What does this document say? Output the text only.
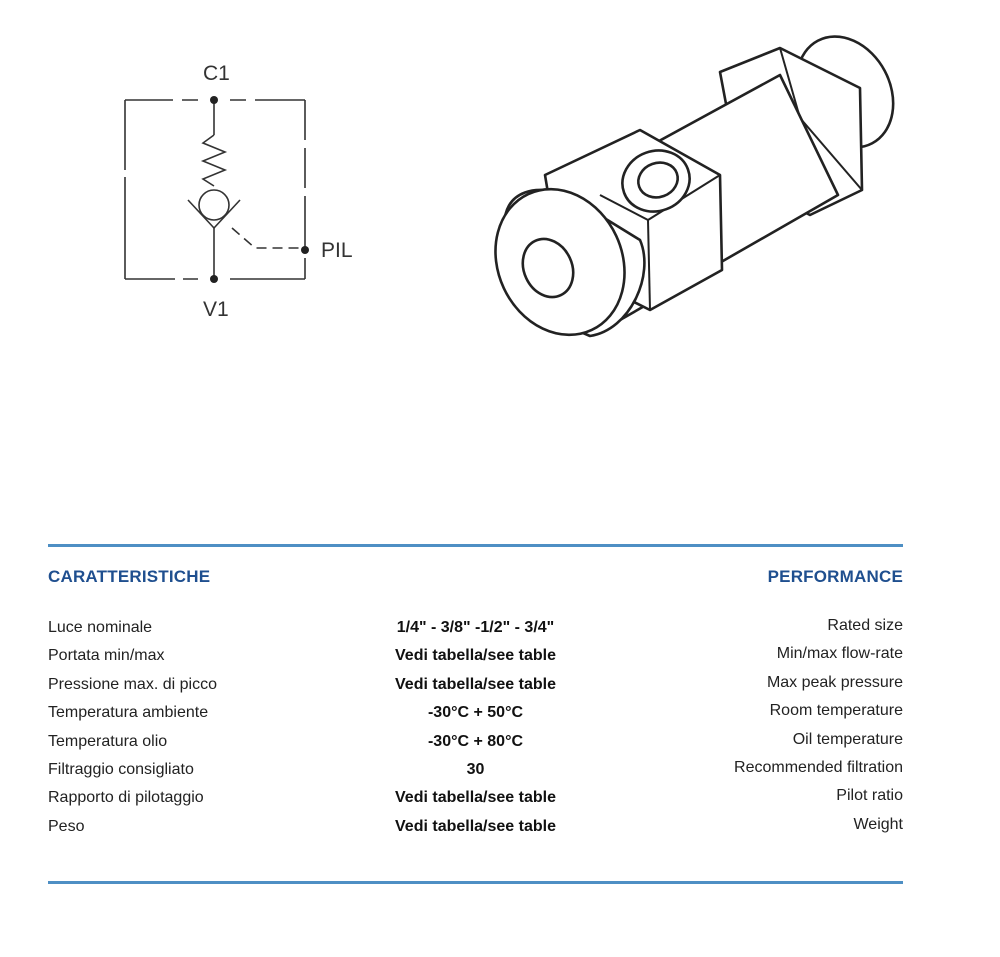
C1
V1
PIL
CARATTERISTICHE	PERFORMANCE
Luce nominale	1/4" - 3/8" -1/2" - 3/4"	Rated size
Portata min/max	Vedi tabella/see table	Min/max flow-rate
Pressione max. di picco	Vedi tabella/see table	Max peak pressure
Temperatura ambiente	-30°C + 50°C	Room temperature
Temperatura olio	-30°C + 80°C	Oil temperature
Filtraggio consigliato	30	Recommended filtration
Rapporto di pilotaggio	Vedi tabella/see table	Pilot ratio
Peso	Vedi tabella/see table	Weight
